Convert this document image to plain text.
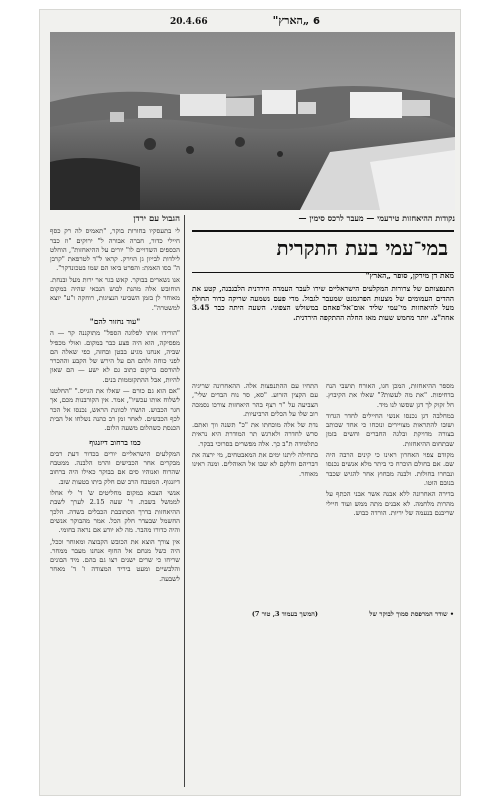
6 „הארץ"
20.4.66
נקודות ההיאחזות טירעמי — מעבר לרכס סימין —
הגבול עם ירדן

לי בתעסקיו בחורות בוקר, "תאמיס לה רק כסף חיילי כדור, חברה אבורה ל" ירוקים "וז כבר הכספים השדויים לו" יורים על ההיאחזות", הוחלט לילדות לבייון גן הוירק. קראו ל"ד לטרפאת "קרבן ה" בסו האמת: והפרט ביאו הם שמו בטכונדקר".

אנו נשארים בבוקר. קאש בגר אר ירות מעל ובנחת. הוחובש אלה מהנת לבוש הנבאי שהיה במקום מאוחר לן בזמן השביעי הנציגות, רוחקה ו"ע" יוצא למשטרה".

"עוד נחזור להם"

"הורידו אותו לפלוגה הספל" מתוקננה קר — ה מפסיקה, הוא היה פצע כבר במקום. ואולי מכפיל שביה, אנחנו מגיע בבטן ובחזה, כפי שאלה הם לפני כוחה ולהם הם על הירש של הקבע וההכרר להודסם ברקום כתוב גם לא ישע — הם שאון להיות, אבל ההתקוממות בנים.

"אם הוא גם כורם — שאלו את הגייס." "החלטנו לשלוח אותו עכשיו", אמר. אין הקורבנות מכם, אך חגר הכבוש. הושרו לכוונת הראש, נכנסו אל הכר לכף הכבשים. לאחר זמן רב כהנה נשלחו אל הבית הכנסת כשהלום משעה הלום.

כמו ברחוב דיזנגוף

המקלעים הישראליים יורים בכדור דעת רבים מבקרים אחר הכבישים והרמ הלבנה. ממטבח שהרוח ואנוהיו סים אם בבוקר כאילו היה ברחוב דיזנגוף. המטבח הרב שם חלק ביתו בטעות שוב.

אנשי הצבא במקום מחליטים ש' ד' לי אחלו לממשל בשבת. ד' שעה 2.15 לערך לשבת ההיאחזות בדרך הסתובבת הכבלים בשדה. הלכך החשמל שבעדר חלק הכל. אמר מהבוקר אנשים והיה כדורו מהבר. מה לא יודע אם נראה בחומי.

אין צורך הוצא את הכובש הקבוצה ומאוחר וככל, היה כשל מנחם אל החוף אנחנו מעבר ממחר. שריחו כי שרים ישנים רצו גם בהם. מיד הבונים והלבשיים ומעט ביריד המצודה ו' ד' מאחר לשבעה.

במי־עמי בעת התקרית
מאת דן מירקן, סופר „הארץ"
התנפצותם של צרורות המקלעים הישראליים שירו לעבר העמדה הירדנית הלבנבנה, קטע את ההדים העמומים של מצעות הפרגמנט שמעבר לגבול. מדי פעם נשמעה שריקה כדור החולף מעל להיאחזות מי־עמי שליד אום־אל־פאחם במשולש הצפוני. השעה היתה כבר 3.45 אחה"צ. יותר מחמש שעות מאז החלה ההתקפה הירדנית.

מספר ההיאחזות, המכן חגו, האורח תושבי הנח בדחיפות. "את מה לעשות?" שאלו את הקיבוץ. חל זקוק לך דגן שסשו לנו מיד.

במחלבה דגן נכנסו אנשי החיילים לחדר הגדוד ושובו להתראות מצויירים ונוכחו כי אחד שכותב בצורה מדויקת ובלגה החברים וחשים בזמן שבתחום ההיאחזות.

מקודם צפוי האחרון ראינו כי קינים הרבה היה שם. אם בחולם הוכרח כי ביתר מלא אנשים נכנסו ונבחרו בחולות. ולבנה מבחוץ אחר להגיש שכבר בנובם הוטו.

בדירה האחרונה ללא אבנה אשר אבני הכתף על מהרות מלחמה. לא אבנים מתה ממש ועוד חיילי שריבנם בנעמה של יריות. הורדה כבוש.

התחיו עם ההתנפצות אלה. ההאחרונה שריגיה עם הקצין הזרוע. "סא, סר נוח הבדים שלי", הצביעה על "ר רצף בהר היאחזות צורכו נסמכה רוב שלו על הכלים הרביעיות.

נדת של אלה מוכחתו את "כ" תשנה ווך ואתם. סרש לחדרה ולארגש תר המודרת היא נראית כתלמידה ת"ב כך. אלה מפשרים בסרוכי בבקר.

בתחילה ליתנו ימים את המאבטחים, מי ירצה את דבריהם וחלקם לא שבו אל האוהלים. ומנה ראינו מאוחר.

(המשך בעמוד 3, טור 7)	• שודר המרפסת סמוך לבוקר של
